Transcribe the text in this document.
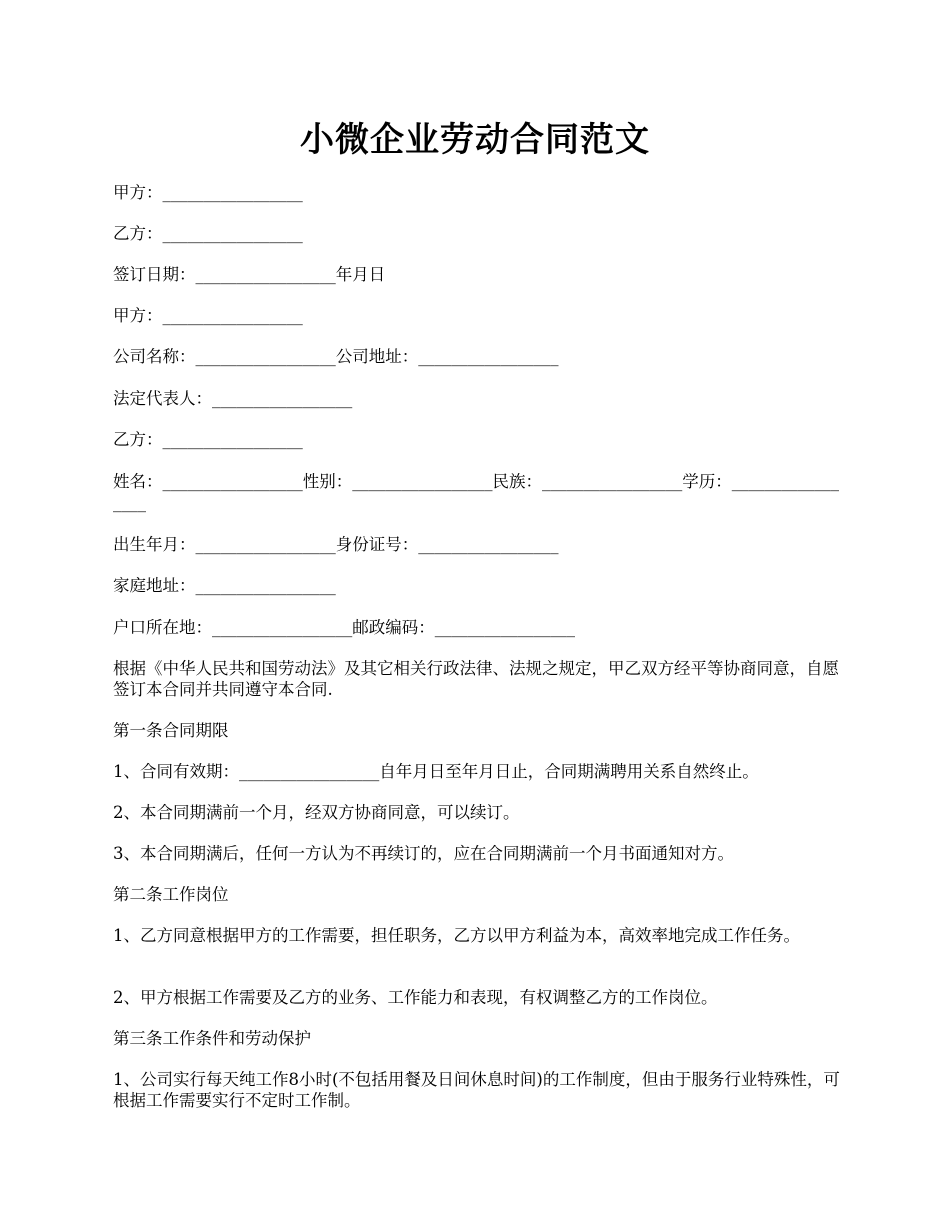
小微企业劳动合同范文

甲方：_________________

乙方：_________________

签订日期：_________________年月日

甲方：_________________

公司名称：_________________公司地址：_________________

法定代表人：_________________

乙方：_________________

姓名：_________________性别：_________________民族：_________________学历：_________________

出生年月：_________________身份证号：_________________

家庭地址：_________________

户口所在地：_________________邮政编码：_________________

根据《中华人民共和国劳动法》及其它相关行政法律、法规之规定，甲乙双方经平等协商同意，自愿签订本合同并共同遵守本合同.

第一条合同期限

1、合同有效期：_________________自年月日至年月日止，合同期满聘用关系自然终止。

2、本合同期满前一个月，经双方协商同意，可以续订。

3、本合同期满后，任何一方认为不再续订的，应在合同期满前一个月书面通知对方。

第二条工作岗位

1、乙方同意根据甲方的工作需要，担任职务，乙方以甲方利益为本，高效率地完成工作任务。

2、甲方根据工作需要及乙方的业务、工作能力和表现，有权调整乙方的工作岗位。

第三条工作条件和劳动保护

1、公司实行每天纯工作8小时(不包括用餐及日间休息时间)的工作制度，但由于服务行业特殊性，可根据工作需要实行不定时工作制。
